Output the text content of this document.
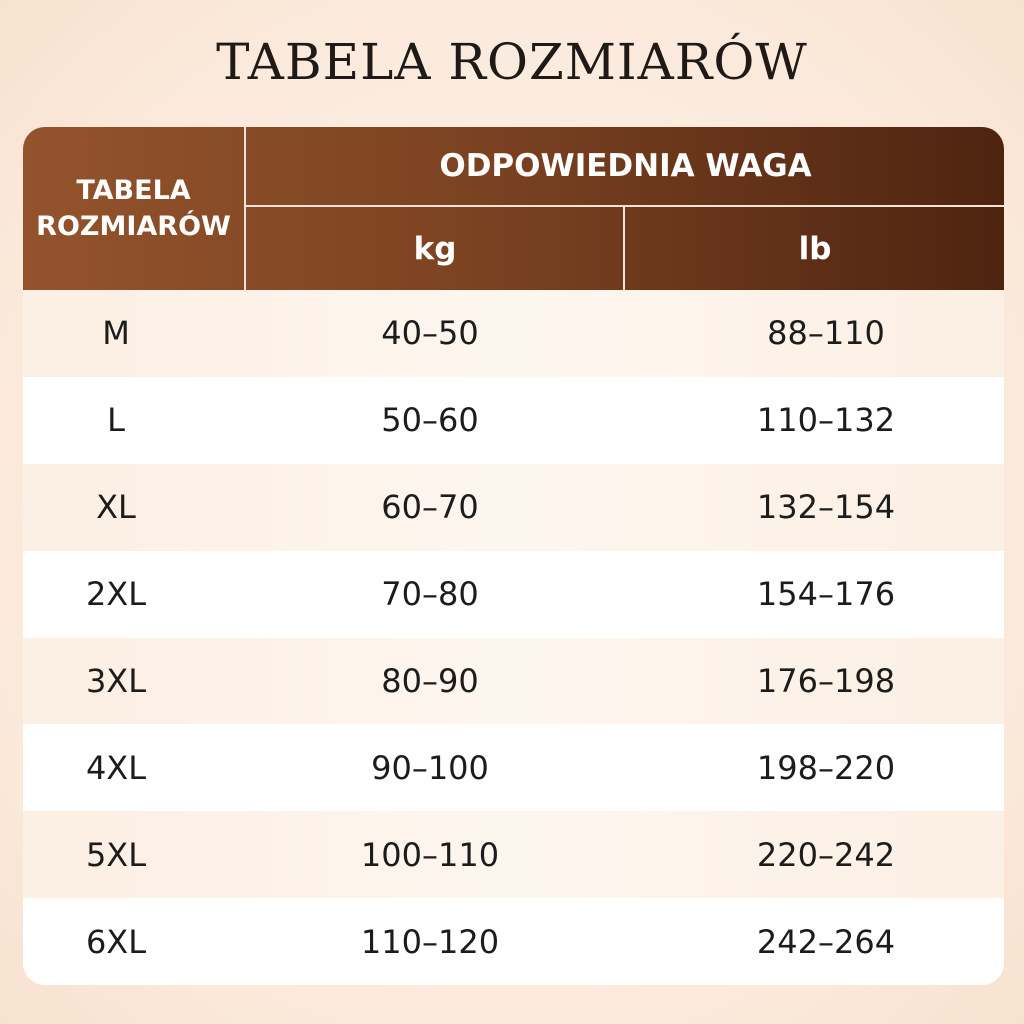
TABELA ROZMIARÓW
TABELA
ROZMIARÓW
ODPOWIEDNIA WAGA
kg	lb
M	40–50	88–110
L	50–60	110–132
XL	60–70	132–154
2XL	70–80	154–176
3XL	80–90	176–198
4XL	90–100	198–220
5XL	100–110	220–242
6XL	110–120	242–264
